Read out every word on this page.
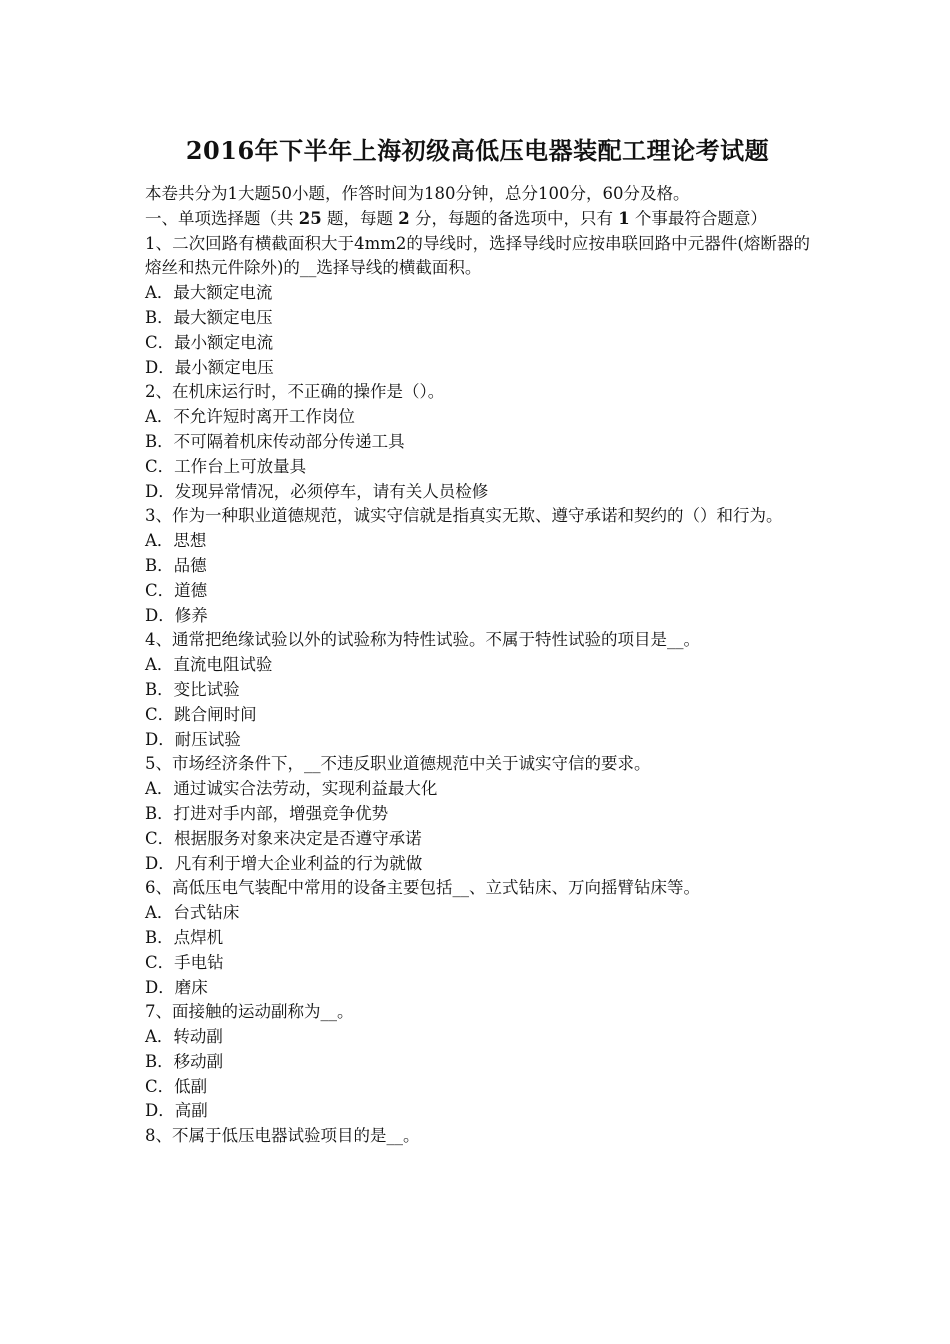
2016年下半年上海初级高低压电器装配工理论考试题
本卷共分为1大题50小题，作答时间为180分钟，总分100分，60分及格。
一、单项选择题（共 25 题，每题 2 分，每题的备选项中，只有 1 个事最符合题意）
1、二次回路有横截面积大于4mm2的导线时，选择导线时应按串联回路中元器件(熔断器的熔丝和热元件除外)的__选择导线的横截面积。
A．最大额定电流
B．最大额定电压
C．最小额定电流
D．最小额定电压
2、在机床运行时，不正确的操作是（）。
A．不允许短时离开工作岗位
B．不可隔着机床传动部分传递工具
C．工作台上可放量具
D．发现异常情况，必须停车，请有关人员检修
3、作为一种职业道德规范，诚实守信就是指真实无欺、遵守承诺和契约的（）和行为。
A．思想
B．品德
C．道德
D．修养
4、通常把绝缘试验以外的试验称为特性试验。不属于特性试验的项目是__。
A．直流电阻试验
B．变比试验
C．跳合闸时间
D．耐压试验
5、市场经济条件下，__不违反职业道德规范中关于诚实守信的要求。
A．通过诚实合法劳动，实现利益最大化
B．打进对手内部，增强竞争优势
C．根据服务对象来决定是否遵守承诺
D．凡有利于增大企业利益的行为就做
6、高低压电气装配中常用的设备主要包括__、立式钻床、万向摇臂钻床等。
A．台式钻床
B．点焊机
C．手电钻
D．磨床
7、面接触的运动副称为__。
A．转动副
B．移动副
C．低副
D．高副
8、不属于低压电器试验项目的是__。
